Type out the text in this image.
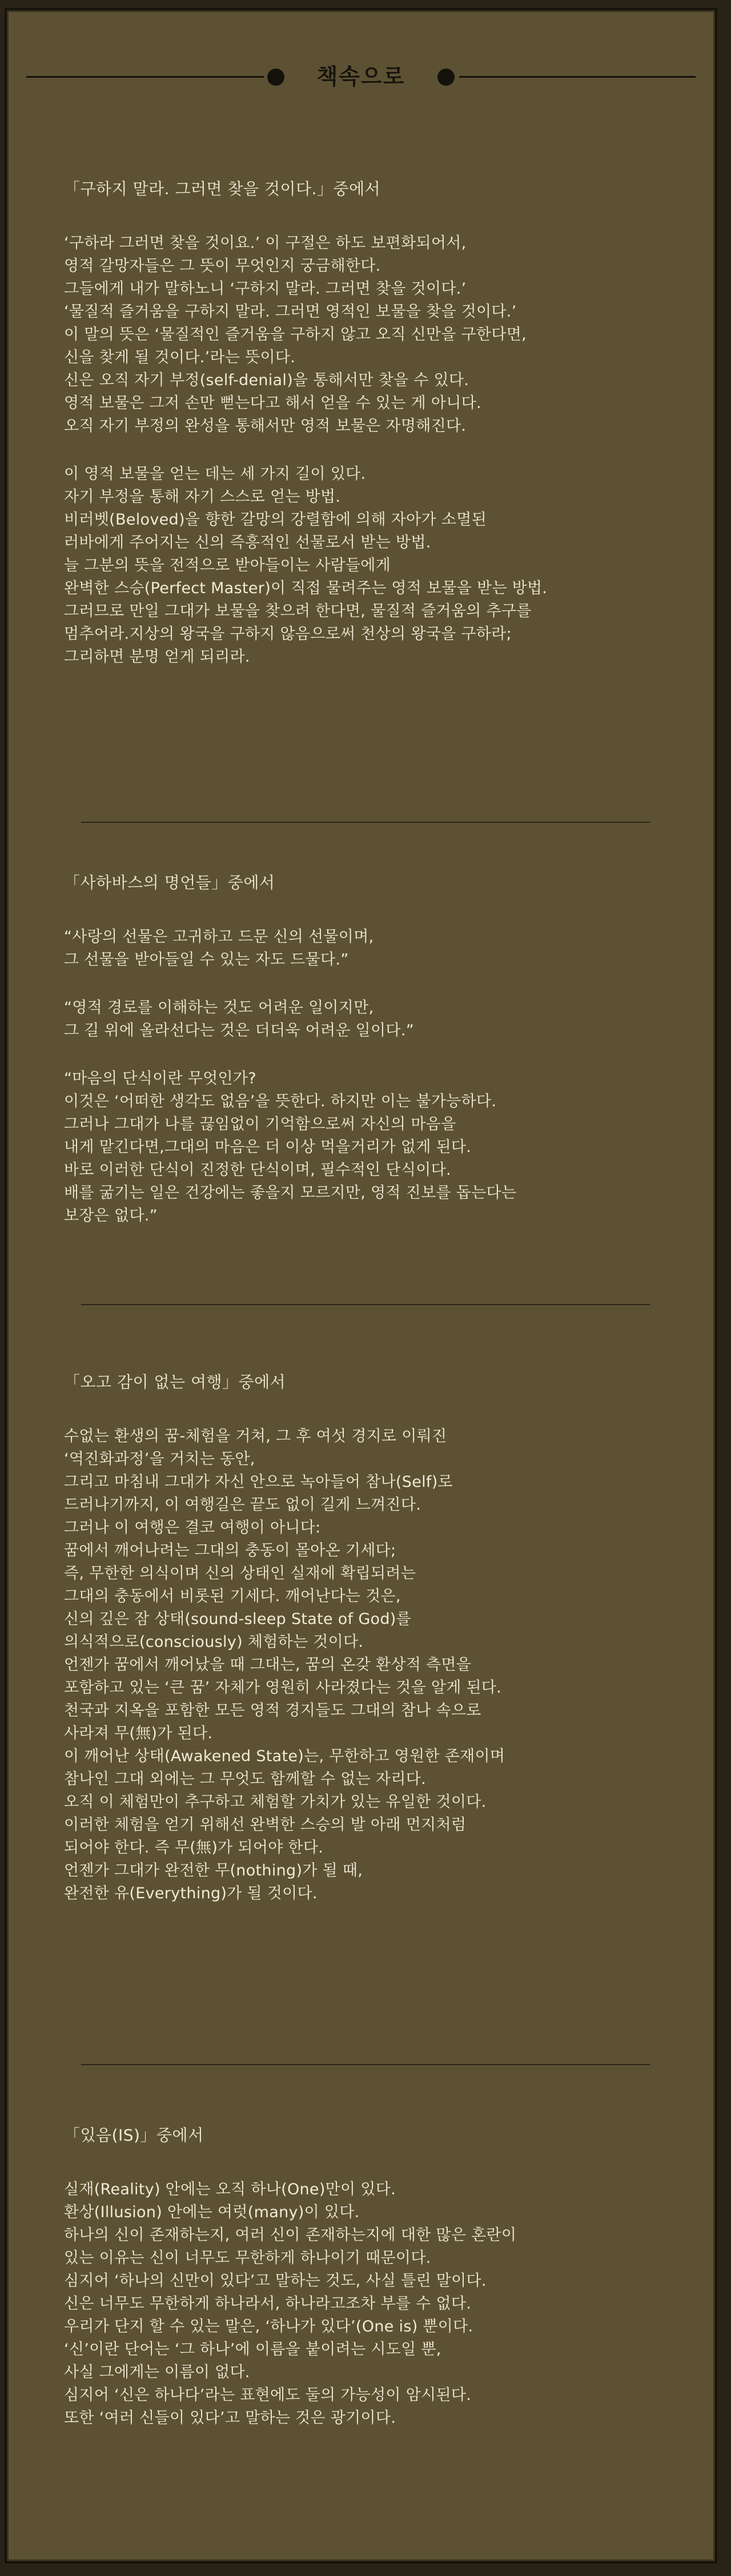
책속으로
「구하지 말라. 그러면 찾을 것이다.」중에서
‘구하라 그러면 찾을 것이요.’ 이 구절은 하도 보편화되어서,
영적 갈망자들은 그 뜻이 무엇인지 궁금해한다.
그들에게 내가 말하노니 ‘구하지 말라. 그러면 찾을 것이다.’
‘물질적 즐거움을 구하지 말라. 그러면 영적인 보물을 찾을 것이다.’
이 말의 뜻은 ‘물질적인 즐거움을 구하지 않고 오직 신만을 구한다면,
신을 찾게 될 것이다.’라는 뜻이다.
신은 오직 자기 부정(self-denial)을 통해서만 찾을 수 있다.
영적 보물은 그저 손만 뻗는다고 해서 얻을 수 있는 게 아니다.
오직 자기 부정의 완성을 통해서만 영적 보물은 자명해진다.
이 영적 보물을 얻는 데는 세 가지 길이 있다.
자기 부정을 통해 자기 스스로 얻는 방법.
비러벳(Beloved)을 향한 갈망의 강렬함에 의해 자아가 소멸된
러바에게 주어지는 신의 즉흥적인 선물로서 받는 방법.
늘 그분의 뜻을 전적으로 받아들이는 사람들에게
완벽한 스승(Perfect Master)이 직접 물려주는 영적 보물을 받는 방법.
그러므로 만일 그대가 보물을 찾으려 한다면, 물질적 즐거움의 추구를
멈추어라.지상의 왕국을 구하지 않음으로써 천상의 왕국을 구하라;
그리하면 분명 얻게 되리라.
「사하바스의 명언들」중에서
“사랑의 선물은 고귀하고 드문 신의 선물이며,
그 선물을 받아들일 수 있는 자도 드물다.”
“영적 경로를 이해하는 것도 어려운 일이지만,
그 길 위에 올라선다는 것은 더더욱 어려운 일이다.”
“마음의 단식이란 무엇인가?
이것은 ‘어떠한 생각도 없음’을 뜻한다. 하지만 이는 불가능하다.
그러나 그대가 나를 끊임없이 기억함으로써 자신의 마음을
내게 맡긴다면,그대의 마음은 더 이상 먹을거리가 없게 된다.
바로 이러한 단식이 진정한 단식이며, 필수적인 단식이다.
배를 굶기는 일은 건강에는 좋을지 모르지만, 영적 진보를 돕는다는
보장은 없다.”
「오고 감이 없는 여행」중에서
수없는 환생의 꿈-체험을 거쳐, 그 후 여섯 경지로 이뤄진
‘역진화과정’을 거치는 동안,
그리고 마침내 그대가 자신 안으로 녹아들어 참나(Self)로
드러나기까지, 이 여행길은 끝도 없이 길게 느껴진다.
그러나 이 여행은 결코 여행이 아니다:
꿈에서 깨어나려는 그대의 충동이 몰아온 기세다;
즉, 무한한 의식이며 신의 상태인 실재에 확립되려는
그대의 충동에서 비롯된 기세다. 깨어난다는 것은,
신의 깊은 잠 상태(sound-sleep State of God)를
의식적으로(consciously) 체험하는 것이다.
언젠가 꿈에서 깨어났을 때 그대는, 꿈의 온갖 환상적 측면을
포함하고 있는 ‘큰 꿈’ 자체가 영원히 사라졌다는 것을 알게 된다.
천국과 지옥을 포함한 모든 영적 경지들도 그대의 참나 속으로
사라져 무(無)가 된다.
이 깨어난 상태(Awakened State)는, 무한하고 영원한 존재이며
참나인 그대 외에는 그 무엇도 함께할 수 없는 자리다.
오직 이 체험만이 추구하고 체험할 가치가 있는 유일한 것이다.
이러한 체험을 얻기 위해선 완벽한 스승의 발 아래 먼지처럼
되어야 한다. 즉 무(無)가 되어야 한다.
언젠가 그대가 완전한 무(nothing)가 될 때,
완전한 유(Everything)가 될 것이다.
「있음(IS)」중에서
실재(Reality) 안에는 오직 하나(One)만이 있다.
환상(Illusion) 안에는 여럿(many)이 있다.
하나의 신이 존재하는지, 여러 신이 존재하는지에 대한 많은 혼란이
있는 이유는 신이 너무도 무한하게 하나이기 때문이다.
심지어 ‘하나의 신만이 있다’고 말하는 것도, 사실 틀린 말이다.
신은 너무도 무한하게 하나라서, 하나라고조차 부를 수 없다.
우리가 단지 할 수 있는 말은, ‘하나가 있다’(One is) 뿐이다.
‘신’이란 단어는 ‘그 하나’에 이름을 붙이려는 시도일 뿐,
사실 그에게는 이름이 없다.
심지어 ‘신은 하나다’라는 표현에도 둘의 가능성이 암시된다.
또한 ‘여러 신들이 있다’고 말하는 것은 광기이다.
